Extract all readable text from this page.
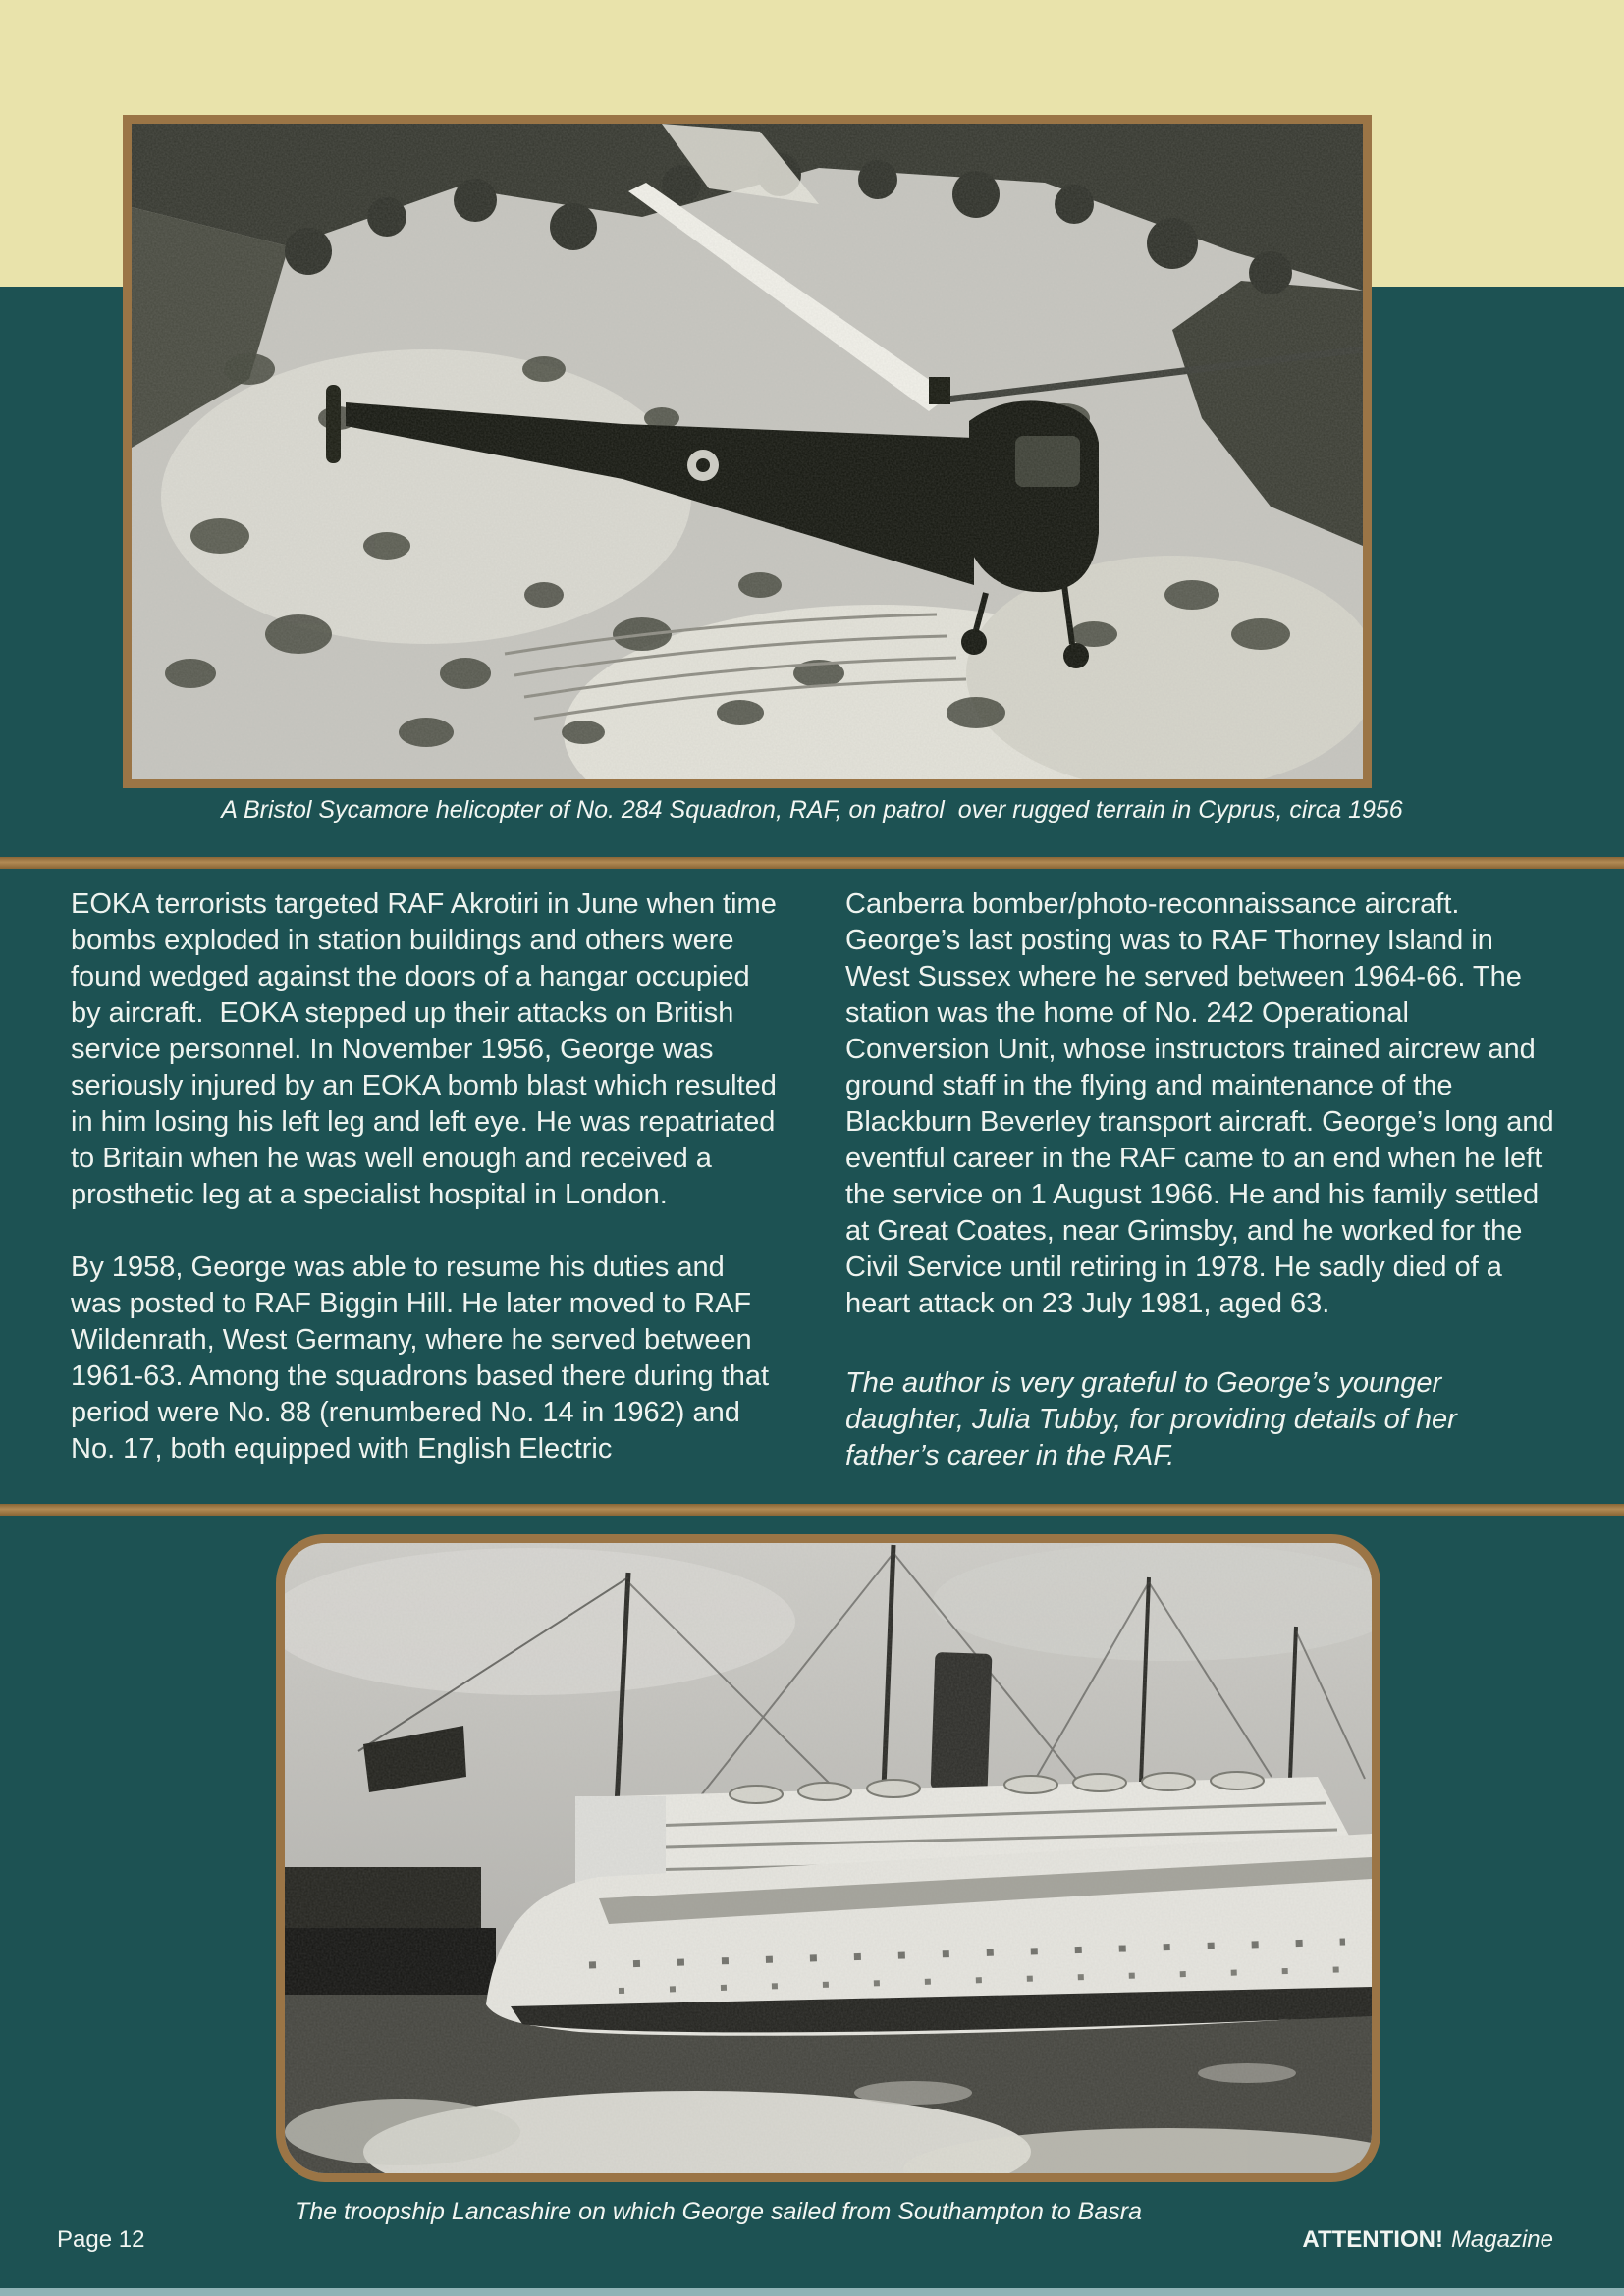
A Bristol Sycamore helicopter of No. 284 Squadron, RAF, on patrol  over rugged terrain in Cyprus, circa 1956

EOKA terrorists targeted RAF Akrotiri in June when time bombs exploded in station buildings and others were found wedged against the doors of a hangar occupied by aircraft.  EOKA stepped up their attacks on British service personnel. In November 1956, George was seriously injured by an EOKA bomb blast which resulted in him losing his left leg and left eye. He was repatriated to Britain when he was well enough and received a prosthetic leg at a specialist hospital in London.

By 1958, George was able to resume his duties and was posted to RAF Biggin Hill. He later moved to RAF Wildenrath, West Germany, where he served between 1961-63. Among the squadrons based there during that period were No. 88 (renumbered No. 14 in 1962) and No. 17, both equipped with English Electric

Canberra bomber/photo-reconnaissance aircraft. George’s last posting was to RAF Thorney Island in West Sussex where he served between 1964-66. The station was the home of No. 242 Operational Conversion Unit, whose instructors trained aircrew and ground staff in the flying and maintenance of the Blackburn Beverley transport aircraft. George’s long and eventful career in the RAF came to an end when he left the service on 1 August 1966. He and his family settled at Great Coates, near Grimsby, and he worked for the Civil Service until retiring in 1978. He sadly died of a heart attack on 23 July 1981, aged 63.

The author is very grateful to George’s younger daughter, Julia Tubby, for providing details of her father’s career in the RAF.

The troopship Lancashire on which George sailed from Southampton to Basra
Page 12	ATTENTION! Magazine
